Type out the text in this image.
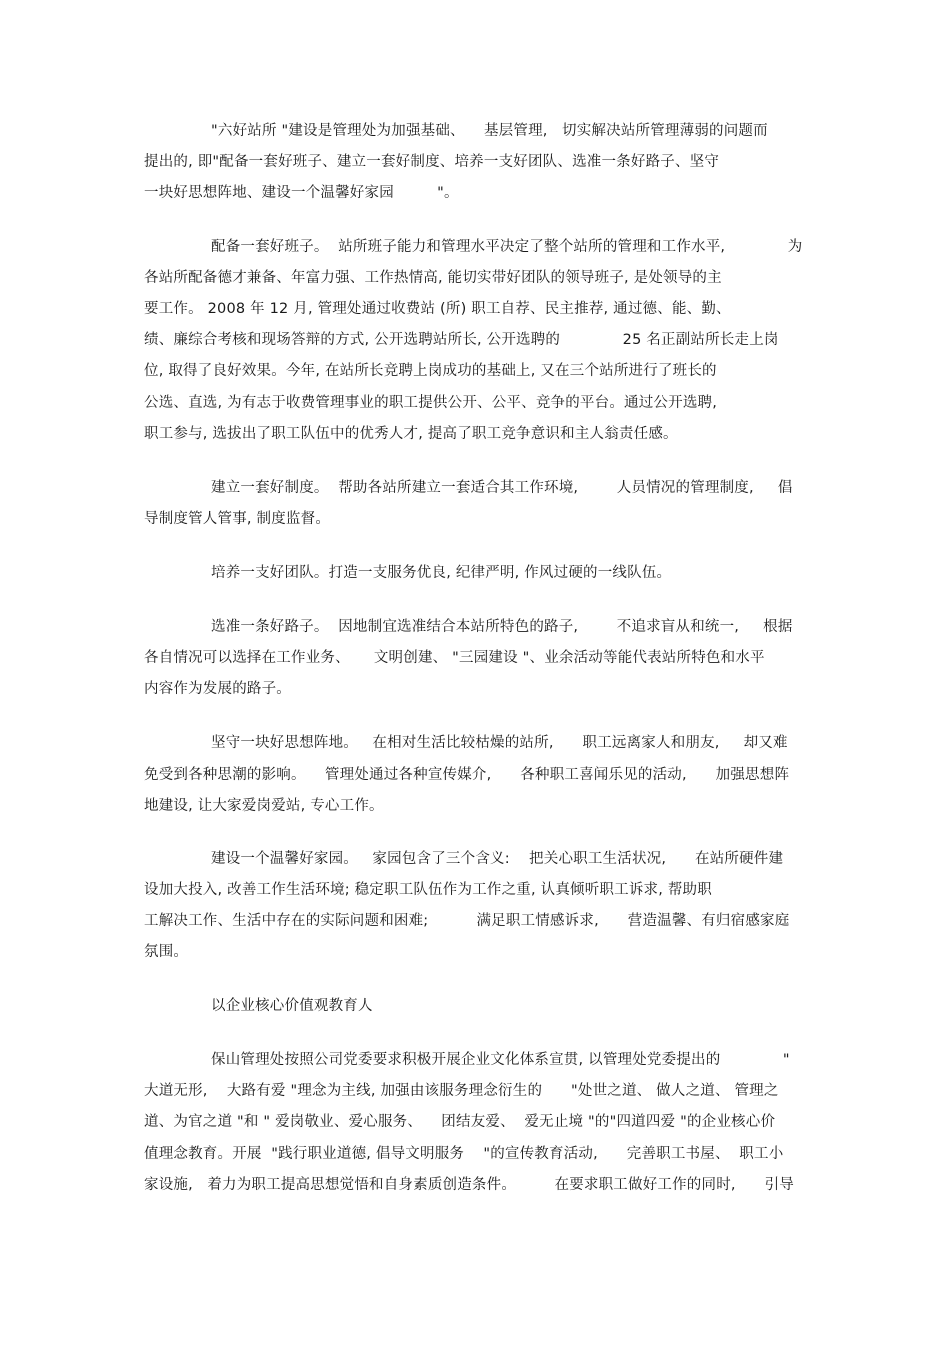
"六好站所 "建设是管理处为加强基础、    基层管理,   切实解决站所管理薄弱的问题而
提出的, 即"配备一套好班子、建立一套好制度、培养一支好团队、选准一条好路子、坚守
一块好思想阵地、建设一个温馨好家园         "。
配备一套好班子。  站所班子能力和管理水平决定了整个站所的管理和工作水平,             为
各站所配备德才兼备、年富力强、工作热情高, 能切实带好团队的领导班子, 是处领导的主
要工作。 2008 年 12 月, 管理处通过收费站 (所) 职工自荐、民主推荐, 通过德、能、勤、
绩、廉综合考核和现场答辩的方式, 公开选聘站所长, 公开选聘的             25 名正副站所长走上岗
位, 取得了良好效果。今年, 在站所长竞聘上岗成功的基础上, 又在三个站所进行了班长的
公选、直选, 为有志于收费管理事业的职工提供公开、公平、竞争的平台。通过公开选聘,
职工参与, 选拔出了职工队伍中的优秀人才, 提高了职工竞争意识和主人翁责任感。
建立一套好制度。  帮助各站所建立一套适合其工作环境,        人员情况的管理制度,     倡
导制度管人管事, 制度监督。
培养一支好团队。打造一支服务优良, 纪律严明, 作风过硬的一线队伍。
选准一条好路子。  因地制宜选准结合本站所特色的路子,        不追求盲从和统一,     根据
各自情况可以选择在工作业务、     文明创建、 "三园建设 "、业余活动等能代表站所特色和水平
内容作为发展的路子。
坚守一块好思想阵地。   在相对生活比较枯燥的站所,      职工远离家人和朋友,     却又难
免受到各种思潮的影响。    管理处通过各种宣传媒介,      各种职工喜闻乐见的活动,      加强思想阵
地建设, 让大家爱岗爱站, 专心工作。
建设一个温馨好家园。   家园包含了三个含义:    把关心职工生活状况,      在站所硬件建
设加大投入, 改善工作生活环境; 稳定职工队伍作为工作之重, 认真倾听职工诉求, 帮助职
工解决工作、生活中存在的实际问题和困难;          满足职工情感诉求,      营造温馨、有归宿感家庭
氛围。
以企业核心价值观教育人
保山管理处按照公司党委要求积极开展企业文化体系宣贯, 以管理处党委提出的             "
大道无形,    大路有爱 "理念为主线, 加强由该服务理念衍生的      "处世之道、 做人之道、 管理之
道、为官之道 "和 " 爱岗敬业、爱心服务、    团结友爱、  爱无止境 "的"四道四爱 "的企业核心价
值理念教育。开展  "践行职业道德, 倡导文明服务    "的宣传教育活动,      完善职工书屋、  职工小
家设施,   着力为职工提高思想觉悟和自身素质创造条件。        在要求职工做好工作的同时,      引导
